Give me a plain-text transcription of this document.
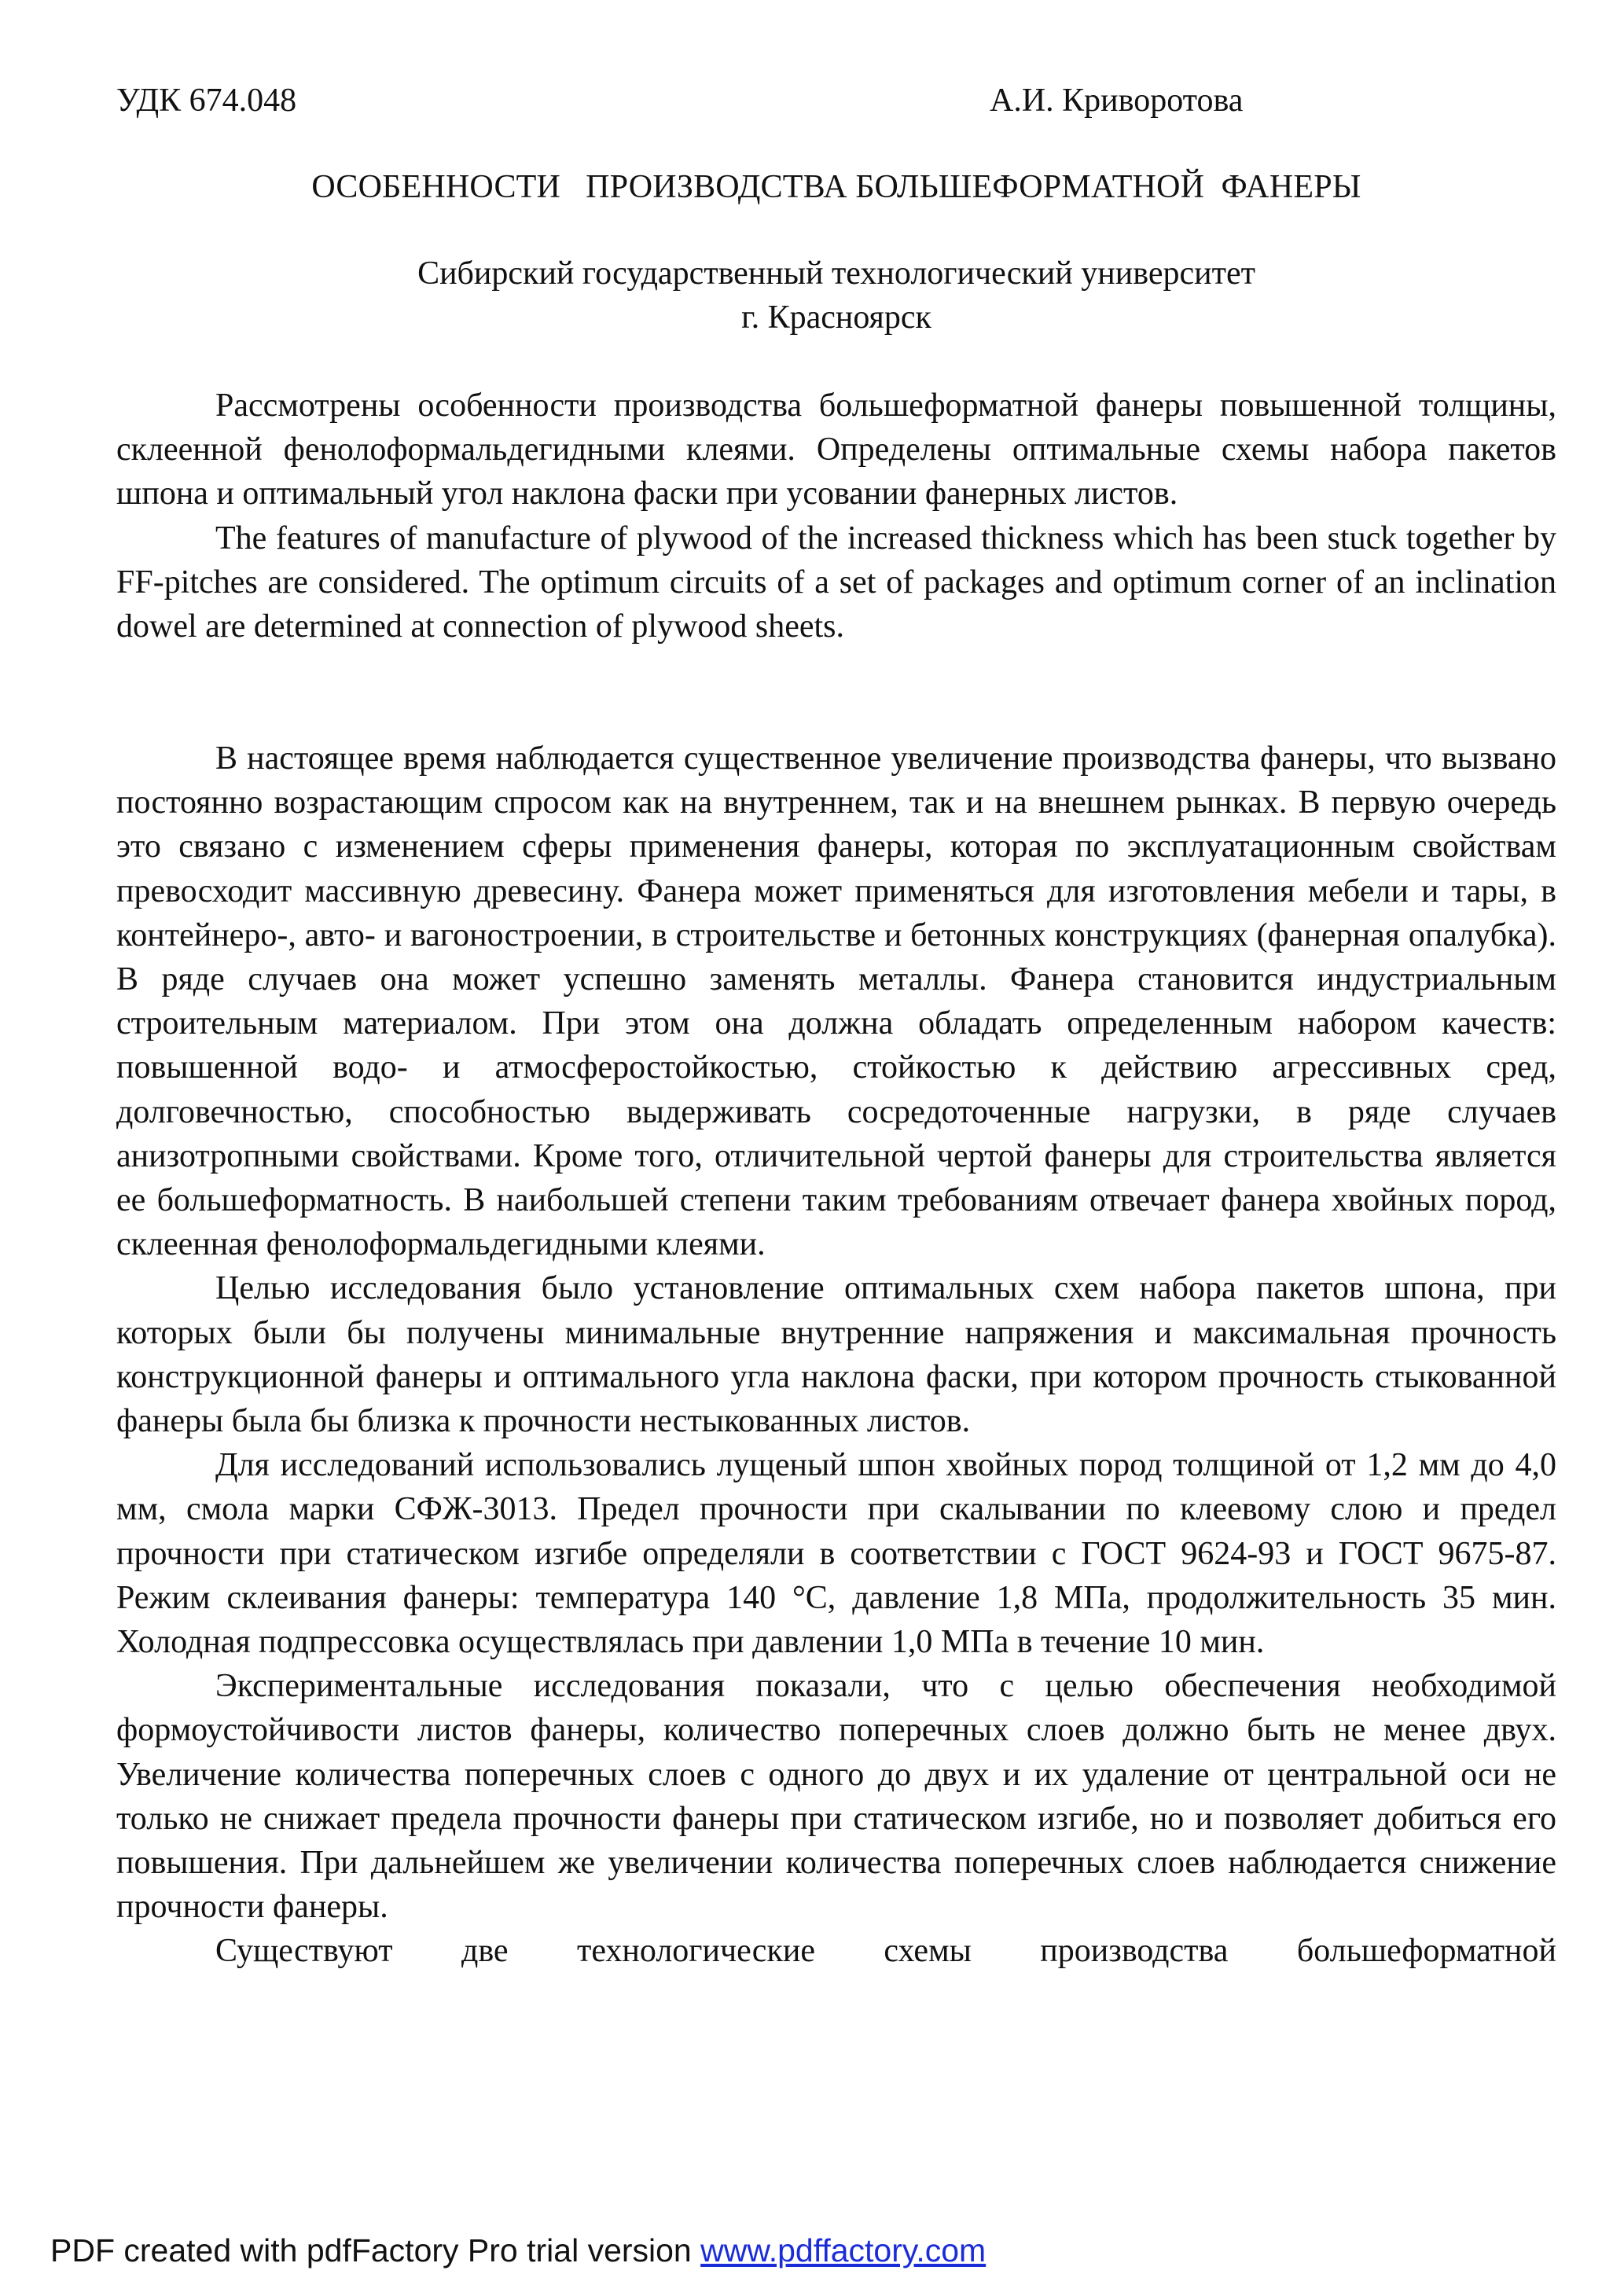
УДК 674.048	А.И. Криворотова
ОСОБЕННОСТИ   ПРОИЗВОДСТВА БОЛЬШЕФОРМАТНОЙ  ФАНЕРЫ
Сибирский государственный технологический университет
г. Красноярск

Рассмотрены особенности производства большеформатной фанеры повышенной толщины, склеенной фенолоформальдегидными клеями. Определены оптимальные схемы набора пакетов шпона и оптимальный угол наклона фаски при усовании фанерных листов.

The features of manufacture of plywood of the increased thickness which has been stuck together by FF-pitches are considered. The optimum circuits of a set of packages and optimum corner of an inclination dowel are determined at connection of plywood sheets.

В настоящее время наблюдается существенное увеличение производства фанеры, что вызвано постоянно возрастающим спросом как на внутреннем, так и на внешнем рынках. В первую очередь это связано с изменением сферы применения фанеры, которая по эксплуатационным свойствам превосходит массивную древесину. Фанера может применяться для изготовления мебели и тары, в контейнеро-, авто- и вагоностроении, в строительстве и бетонных конструкциях (фанерная опалубка). В ряде случаев она может успешно заменять металлы. Фанера становится индустриальным строительным материалом. При этом она должна обладать определенным набором качеств: повышенной водо- и атмосферостойкостью, стойкостью к действию агрессивных сред, долговечностью, способностью выдерживать сосредоточенные нагрузки, в ряде случаев анизотропными свойствами. Кроме того, отличительной чертой фанеры для строительства является ее большеформатность. В наибольшей степени таким требованиям отвечает фанера хвойных пород, склеенная фенолоформальдегидными клеями.

Целью исследования было установление оптимальных схем набора пакетов шпона, при которых были бы получены минимальные внутренние напряжения и максимальная прочность конструкционной фанеры и оптимального угла наклона фаски, при котором прочность стыкованной фанеры была бы близка к прочности нестыкованных листов.

Для исследований использовались лущеный шпон хвойных пород толщиной от 1,2 мм до 4,0 мм, смола марки СФЖ-3013. Предел прочности при скалывании по клеевому слою и предел прочности при статическом изгибе определяли в соответствии с ГОСТ 9624-93 и ГОСТ 9675-87. Режим склеивания фанеры: температура 140 °С, давление 1,8 МПа, продолжительность 35 мин. Холодная подпрессовка осуществлялась при давлении 1,0 МПа в течение 10 мин.

Экспериментальные исследования показали, что с целью обеспечения необходимой формоустойчивости листов фанеры, количество поперечных слоев должно быть не менее двух. Увеличение количества поперечных слоев с одного до двух и их удаление от центральной оси не только не снижает предела прочности фанеры при статическом изгибе, но и позволяет добиться его повышения. При дальнейшем же увеличении количества поперечных слоев наблюдается снижение прочности фанеры.

Существуют две технологические схемы производства большеформатной

PDF created with pdfFactory Pro trial version www.pdffactory.com
